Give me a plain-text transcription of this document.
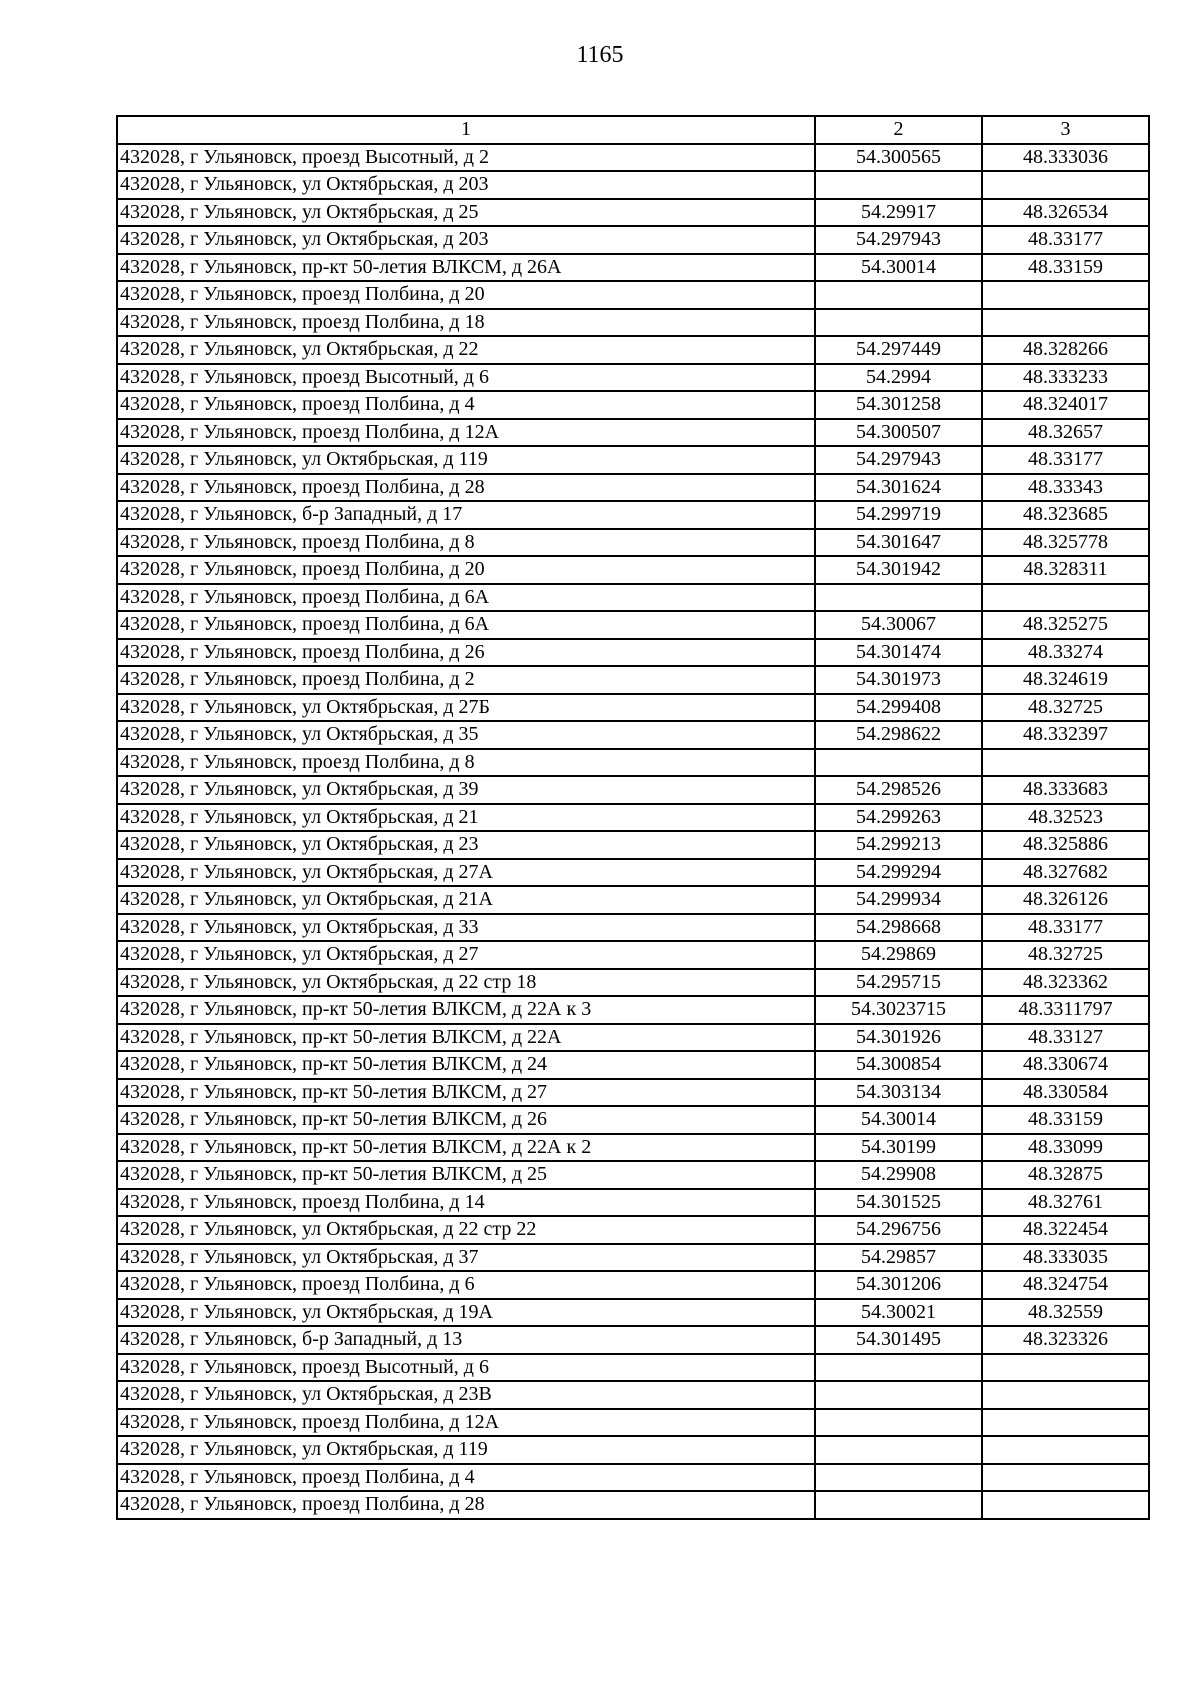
1165
1	2	3
432028, г Ульяновск, проезд Высотный, д 2	54.300565	48.333036
432028, г Ульяновск, ул Октябрьская, д 203		
432028, г Ульяновск, ул Октябрьская, д 25	54.29917	48.326534
432028, г Ульяновск, ул Октябрьская, д 203	54.297943	48.33177
432028, г Ульяновск, пр-кт 50-летия ВЛКСМ, д 26А	54.30014	48.33159
432028, г Ульяновск, проезд Полбина, д 20		
432028, г Ульяновск, проезд Полбина, д 18		
432028, г Ульяновск, ул Октябрьская, д 22	54.297449	48.328266
432028, г Ульяновск, проезд Высотный, д 6	54.2994	48.333233
432028, г Ульяновск, проезд Полбина, д 4	54.301258	48.324017
432028, г Ульяновск, проезд Полбина, д 12А	54.300507	48.32657
432028, г Ульяновск, ул Октябрьская, д 119	54.297943	48.33177
432028, г Ульяновск, проезд Полбина, д 28	54.301624	48.33343
432028, г Ульяновск, б-р Западный, д 17	54.299719	48.323685
432028, г Ульяновск, проезд Полбина, д 8	54.301647	48.325778
432028, г Ульяновск, проезд Полбина, д 20	54.301942	48.328311
432028, г Ульяновск, проезд Полбина, д 6А		
432028, г Ульяновск, проезд Полбина, д 6А	54.30067	48.325275
432028, г Ульяновск, проезд Полбина, д 26	54.301474	48.33274
432028, г Ульяновск, проезд Полбина, д 2	54.301973	48.324619
432028, г Ульяновск, ул Октябрьская, д 27Б	54.299408	48.32725
432028, г Ульяновск, ул Октябрьская, д 35	54.298622	48.332397
432028, г Ульяновск, проезд Полбина, д 8		
432028, г Ульяновск, ул Октябрьская, д 39	54.298526	48.333683
432028, г Ульяновск, ул Октябрьская, д 21	54.299263	48.32523
432028, г Ульяновск, ул Октябрьская, д 23	54.299213	48.325886
432028, г Ульяновск, ул Октябрьская, д 27А	54.299294	48.327682
432028, г Ульяновск, ул Октябрьская, д 21А	54.299934	48.326126
432028, г Ульяновск, ул Октябрьская, д 33	54.298668	48.33177
432028, г Ульяновск, ул Октябрьская, д 27	54.29869	48.32725
432028, г Ульяновск, ул Октябрьская, д 22 стр 18	54.295715	48.323362
432028, г Ульяновск, пр-кт 50-летия ВЛКСМ, д 22А к 3	54.3023715	48.3311797
432028, г Ульяновск, пр-кт 50-летия ВЛКСМ, д 22А	54.301926	48.33127
432028, г Ульяновск, пр-кт 50-летия ВЛКСМ, д 24	54.300854	48.330674
432028, г Ульяновск, пр-кт 50-летия ВЛКСМ, д 27	54.303134	48.330584
432028, г Ульяновск, пр-кт 50-летия ВЛКСМ, д 26	54.30014	48.33159
432028, г Ульяновск, пр-кт 50-летия ВЛКСМ, д 22А к 2	54.30199	48.33099
432028, г Ульяновск, пр-кт 50-летия ВЛКСМ, д 25	54.29908	48.32875
432028, г Ульяновск, проезд Полбина, д 14	54.301525	48.32761
432028, г Ульяновск, ул Октябрьская, д 22 стр 22	54.296756	48.322454
432028, г Ульяновск, ул Октябрьская, д 37	54.29857	48.333035
432028, г Ульяновск, проезд Полбина, д 6	54.301206	48.324754
432028, г Ульяновск, ул Октябрьская, д 19А	54.30021	48.32559
432028, г Ульяновск, б-р Западный, д 13	54.301495	48.323326
432028, г Ульяновск, проезд Высотный, д 6		
432028, г Ульяновск, ул Октябрьская, д 23В		
432028, г Ульяновск, проезд Полбина, д 12А		
432028, г Ульяновск, ул Октябрьская, д 119		
432028, г Ульяновск, проезд Полбина, д 4		
432028, г Ульяновск, проезд Полбина, д 28		
